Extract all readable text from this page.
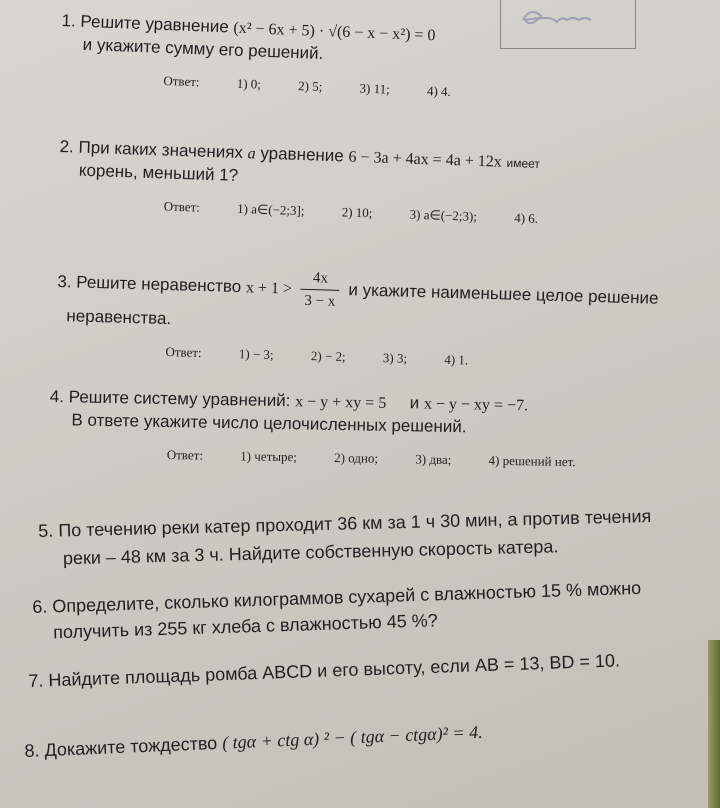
1. Решите уравнение (x² − 6x + 5) · √(6 − x − x²) = 0
и укажите сумму его решений.
Ответ:	1) 0;	2) 5;	3) 11;	4) 4.
2. При каких значениях a уравнение 6 − 3a + 4ax = 4a + 12x имеет
корень, меньший 1?
Ответ:	1) a∈(−2;3];	2) 10;	3) a∈(−2;3);	4) 6.
3. Решите неравенство $x + 1 > \frac{4x}{3 - x}$ и укажите наименьшее целое решение
неравенства.
Ответ:	1) − 3;	2) − 2;	3) 3;	4) 1.
4. Решите систему уравнений: x − y + xy = 5 и x − y − xy = −7.
В ответе укажите число целочисленных решений.
Ответ:	1) четыре;	2) одно;	3) два;	4) решений нет.
5. По течению реки катер проходит 36 км за 1 ч 30 мин, а против течения
реки – 48 км за 3 ч. Найдите собственную скорость катера.
6. Определите, сколько килограммов сухарей с влажностью 15 % можно
получить из 255 кг хлеба с влажностью 45 %?
7. Найдите площадь ромба ABCD и его высоту, если AB = 13, BD = 10.
8. Докажите тождество ( tgα + ctg α) ² − ( tgα − ctgα)² = 4.
